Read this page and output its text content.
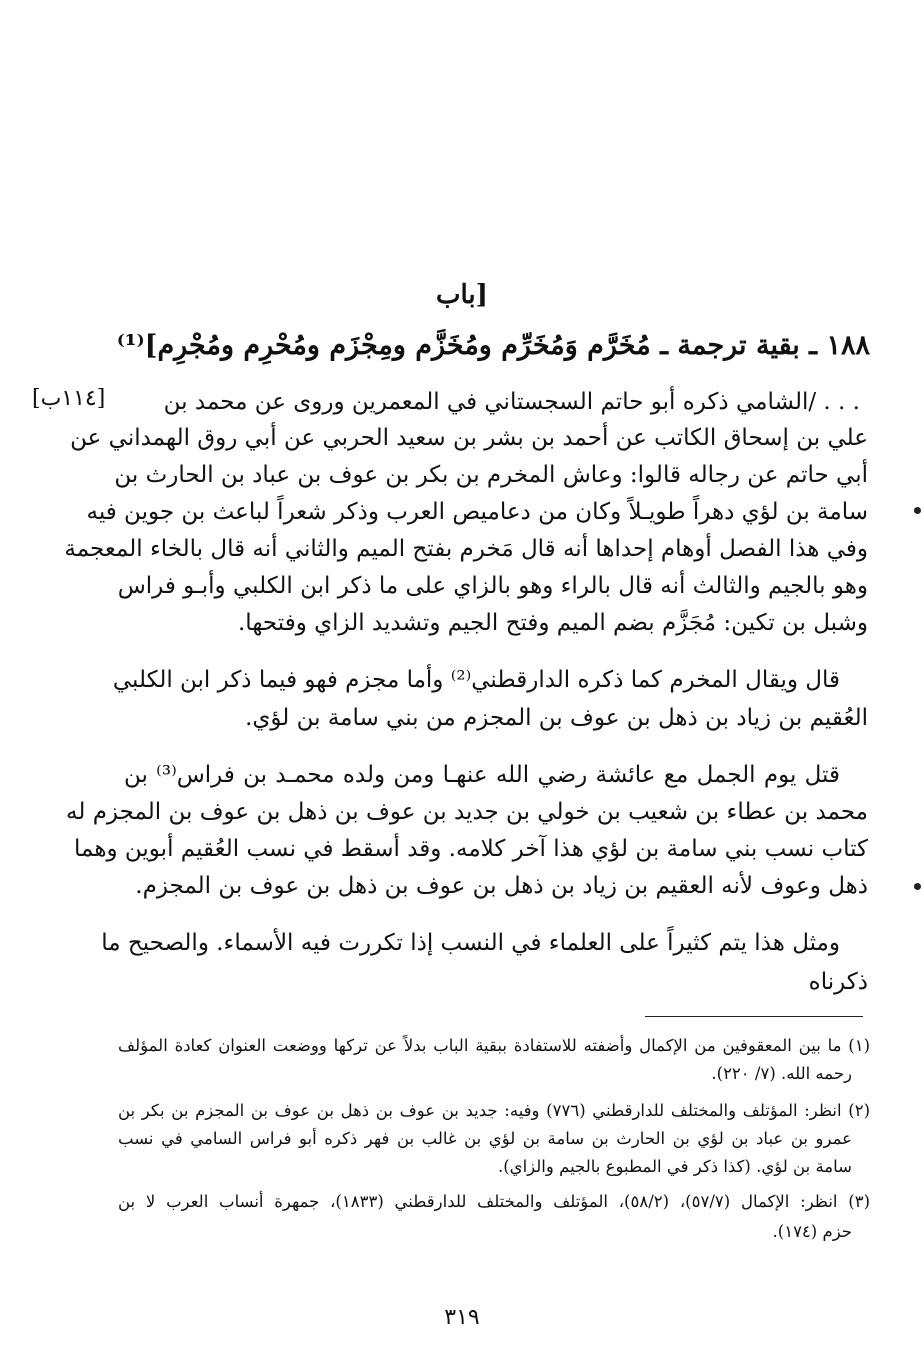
[باب
١٨٨ ـ بقية ترجمة ـ مُخَرَّم وَمُخَرِّم ومُخَزَّم ومِجْزَم ومُحْرِم ومُجْرِم]⁽¹⁾
[١١٤ب]	. . . /الشامي ذكره أبو حاتم السجستاني في المعمرين وروى عن محمد بن
علي بن إسحاق الكاتب عن أحمد بن بشر بن سعيد الحربي عن أبي روق الهمداني عن
أبي حاتم عن رجاله قالوا: وعاش المخرم بن بكر بن عوف بن عباد بن الحارث بن
سامة بن لؤي دهراً طويـلاً وكان من دعاميص العرب وذكر شعراً لباعث بن جوين فيه
وفي هذا الفصل أوهام إحداها أنه قال مَخرم بفتح الميم والثاني أنه قال بالخاء المعجمة
وهو بالجيم والثالث أنه قال بالراء وهو بالزاي على ما ذكر ابن الكلبي وأبـو فراس
وشبل بن تكين: مُجَزَّم بضم الميم وفتح الجيم وتشديد الزاي وفتحها.
قال ويقال المخرم كما ذكره الدارقطني⁽²⁾ وأما مجزم فهو فيما ذكر ابن الكلبي
العُقيم بن زياد بن ذهل بن عوف بن المجزم من بني سامة بن لؤي.
قتل يوم الجمل مع عائشة رضي الله عنهـا ومن ولده محمـد بن فراس⁽³⁾ بن
محمد بن عطاء بن شعيب بن خولي بن جديد بن عوف بن ذهل بن عوف بن المجزم له
كتاب نسب بني سامة بن لؤي هذا آخر كلامه. وقد أسقط في نسب العُقيم أبوين وهما
ذهل وعوف لأنه العقيم بن زياد بن ذهل بن عوف بن ذهل بن عوف بن المجزم.
ومثل هذا يتم كثيراً على العلماء في النسب إذا تكررت فيه الأسماء. والصحيح ما
ذكرناه
(١) ما بين المعقوفين من الإكمال وأضفته للاستفادة ببقية الباب بدلاً عن تركها ووضعت العنوان كعادة المؤلف
رحمه الله. (٧/ ٢٢٠).
(٢) انظر: المؤتلف والمختلف للدارقطني (٧٧٦) وفيه: جديد بن عوف بن ذهل بن عوف بن المجزم بن بكر بن
عمرو بن عباد بن لؤي بن الحارث بن سامة بن لؤي بن غالب بن فهر ذكره أبو فراس السامي في نسب
سامة بن لؤي. (كذا ذكر في المطبوع بالجيم والزاي).
(٣) انظر: الإكمال (٥٧/٧)، (٥٨/٢)، المؤتلف والمختلف للدارقطني (١٨٣٣)، جمهرة أنساب العرب لا بن
حزم (١٧٤).
٣١٩
